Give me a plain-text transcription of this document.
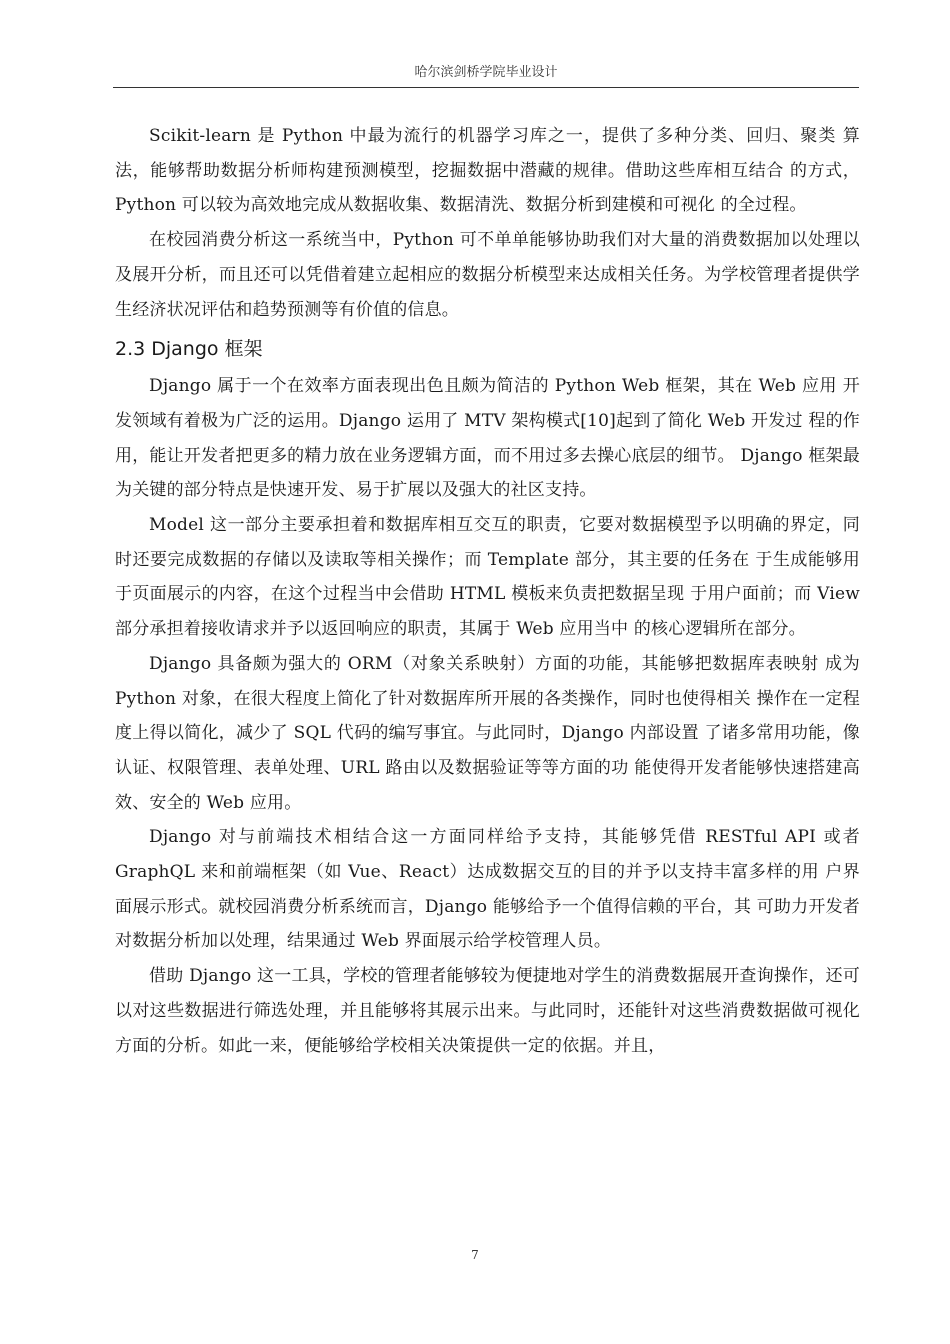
哈尔滨剑桥学院毕业设计

Scikit-learn 是 Python 中最为流行的机器学习库之一，提供了多种分类、回归、聚类 算法，能够帮助数据分析师构建预测模型，挖掘数据中潜藏的规律。借助这些库相互结合 的方式，Python 可以较为高效地完成从数据收集、数据清洗、数据分析到建模和可视化 的全过程。

在校园消费分析这一系统当中，Python 可不单单能够协助我们对大量的消费数据加以处理以及展开分析，而且还可以凭借着建立起相应的数据分析模型来达成相关任务。为学校管理者提供学生经济状况评估和趋势预测等有价值的信息。

2.3 Django 框架

Django 属于一个在效率方面表现出色且颇为简洁的 Python Web 框架，其在 Web 应用 开发领域有着极为广泛的运用。Django 运用了 MTV 架构模式[10]起到了简化 Web 开发过 程的作用，能让开发者把更多的精力放在业务逻辑方面，而不用过多去操心底层的细节。 Django 框架最为关键的部分特点是快速开发、易于扩展以及强大的社区支持。

Model 这一部分主要承担着和数据库相互交互的职责，它要对数据模型予以明确的界定，同时还要完成数据的存储以及读取等相关操作；而 Template 部分，其主要的任务在 于生成能够用于页面展示的内容，在这个过程当中会借助 HTML 模板来负责把数据呈现 于用户面前；而 View 部分承担着接收请求并予以返回响应的职责，其属于 Web 应用当中 的核心逻辑所在部分。

Django 具备颇为强大的 ORM（对象关系映射）方面的功能，其能够把数据库表映射 成为 Python 对象，在很大程度上简化了针对数据库所开展的各类操作，同时也使得相关 操作在一定程度上得以简化，减少了 SQL 代码的编写事宜。与此同时，Django 内部设置 了诸多常用功能，像认证、权限管理、表单处理、URL 路由以及数据验证等等方面的功 能使得开发者能够快速搭建高效、安全的 Web 应用。

Django 对与前端技术相结合这一方面同样给予支持，其能够凭借 RESTful API 或者 GraphQL 来和前端框架（如 Vue、React）达成数据交互的目的并予以支持丰富多样的用 户界面展示形式。就校园消费分析系统而言，Django 能够给予一个值得信赖的平台，其 可助力开发者对数据分析加以处理，结果通过 Web 界面展示给学校管理人员。

借助 Django 这一工具，学校的管理者能够较为便捷地对学生的消费数据展开查询操作，还可以对这些数据进行筛选处理，并且能够将其展示出来。与此同时，还能针对这些消费数据做可视化方面的分析。如此一来，便能够给学校相关决策提供一定的依据。并且，

7
